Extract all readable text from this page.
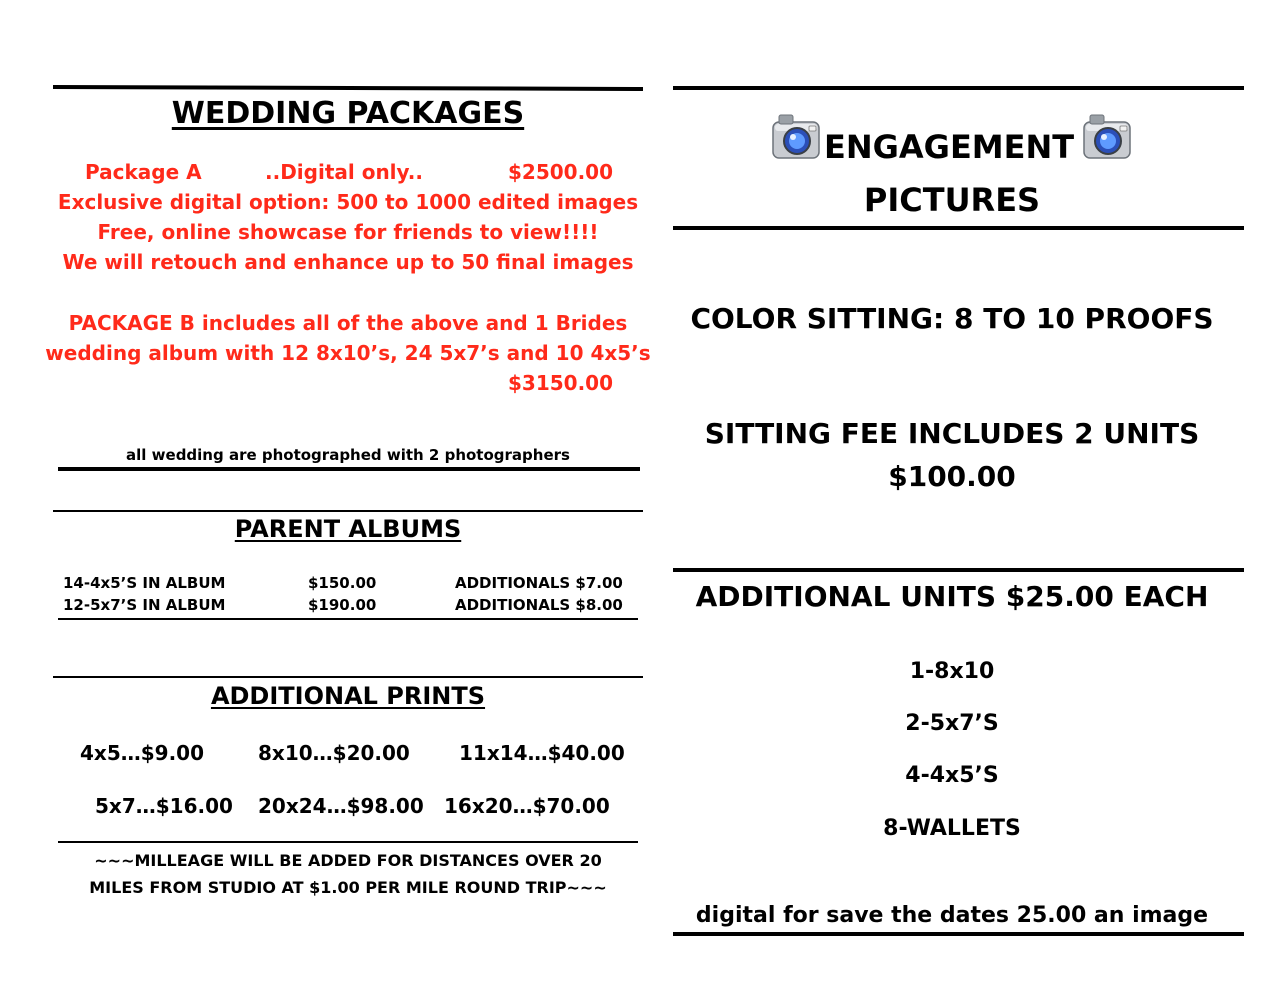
WEDDING PACKAGES
Package A	..Digital only..	$2500.00
Exclusive digital option: 500 to 1000 edited images
Free, online showcase for friends to view!!!!
We will retouch and enhance up to 50 final images
PACKAGE B includes all of the above and 1 Brides
wedding album with 12 8x10’s, 24 5x7’s and 10 4x5’s
$3150.00
all wedding are photographed with 2 photographers
PARENT ALBUMS
14-4x5’S IN ALBUM	$150.00	ADDITIONALS $7.00
12-5x7’S IN ALBUM	$190.00	ADDITIONALS $8.00
ADDITIONAL PRINTS
4x5…$9.00	8x10…$20.00 11x14…$40.00
5x7…$16.00 20x24…$98.00 16x20…$70.00
~~~MILLEAGE WILL BE ADDED FOR DISTANCES OVER 20
MILES FROM STUDIO AT $1.00 PER MILE ROUND TRIP~~~
ENGAGEMENT
PICTURES
COLOR SITTING: 8 TO 10 PROOFS
SITTING FEE INCLUDES 2 UNITS
$100.00
ADDITIONAL UNITS $25.00 EACH
1-8x10
2-5x7’S
4-4x5’S
8-WALLETS
digital for save the dates 25.00 an image
